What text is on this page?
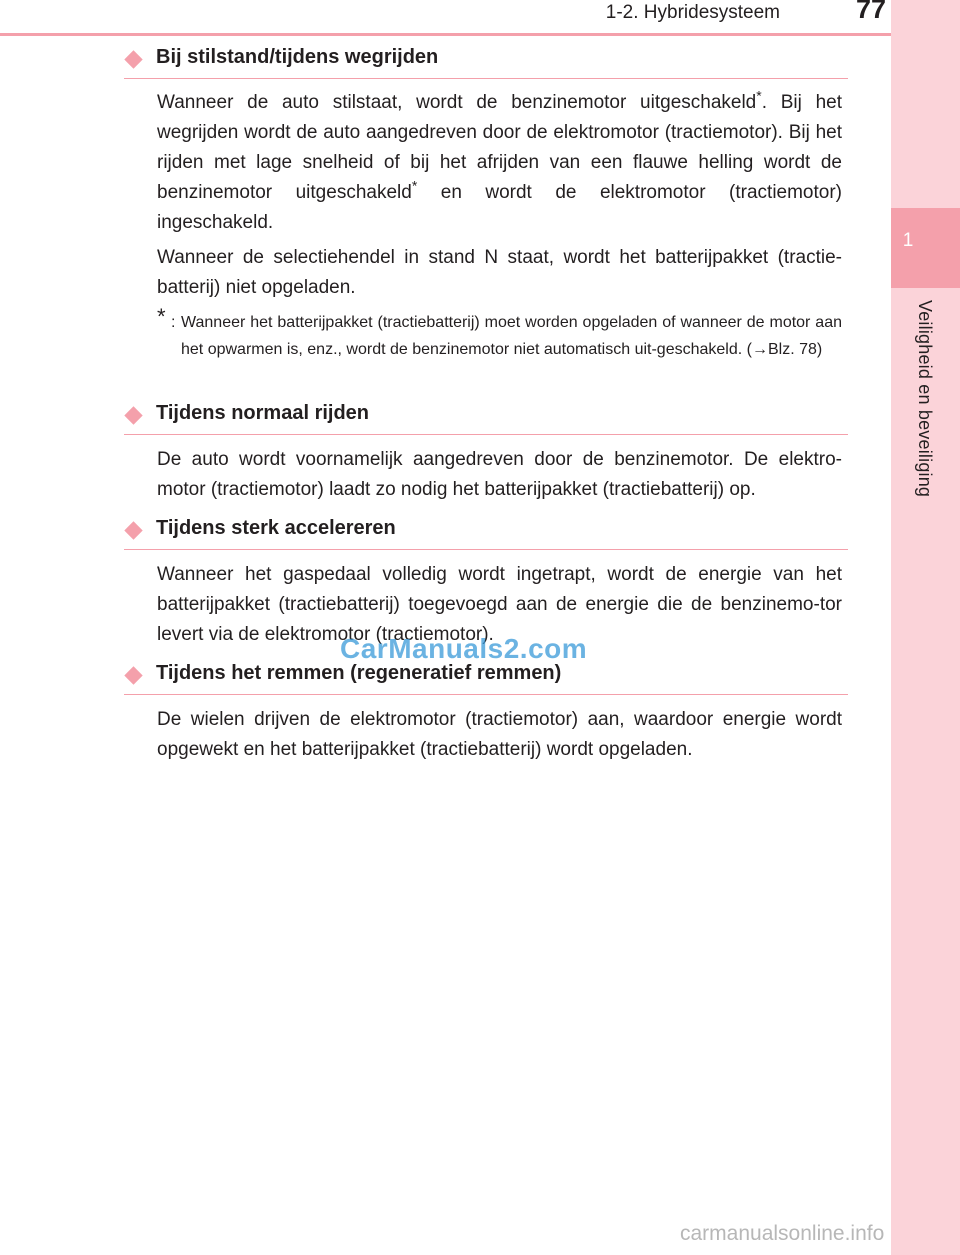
1
Veiligheid en beveiliging
1-2. Hybridesysteem	77
Bij stilstand/tijdens wegrijden

Wanneer de auto stilstaat, wordt de benzinemotor uitgeschakeld*. Bij het wegrijden wordt de auto aangedreven door de elektromotor (tractiemotor). Bij het rijden met lage snelheid of bij het afrijden van een flauwe helling wordt de benzinemotor uitgeschakeld* en wordt de elektromotor (tractiemotor) ingeschakeld.

Wanneer de selectiehendel in stand N staat, wordt het batterijpakket (tractie-batterij) niet opgeladen.

* : Wanneer het batterijpakket (tractiebatterij) moet worden opgeladen of wanneer de motor aan het opwarmen is, enz., wordt de benzinemotor niet automatisch uit-geschakeld. (→Blz. 78)
Tijdens normaal rijden

De auto wordt voornamelijk aangedreven door de benzinemotor. De elektro-motor (tractiemotor) laadt zo nodig het batterijpakket (tractiebatterij) op.

Tijdens sterk accelereren

Wanneer het gaspedaal volledig wordt ingetrapt, wordt de energie van het batterijpakket (tractiebatterij) toegevoegd aan de energie die de benzinemo-tor levert via de elektromotor (tractiemotor).

Tijdens het remmen (regeneratief remmen)

De wielen drijven de elektromotor (tractiemotor) aan, waardoor energie wordt opgewekt en het batterijpakket (tractiebatterij) wordt opgeladen.

CarManuals2.com
carmanualsonline.info
